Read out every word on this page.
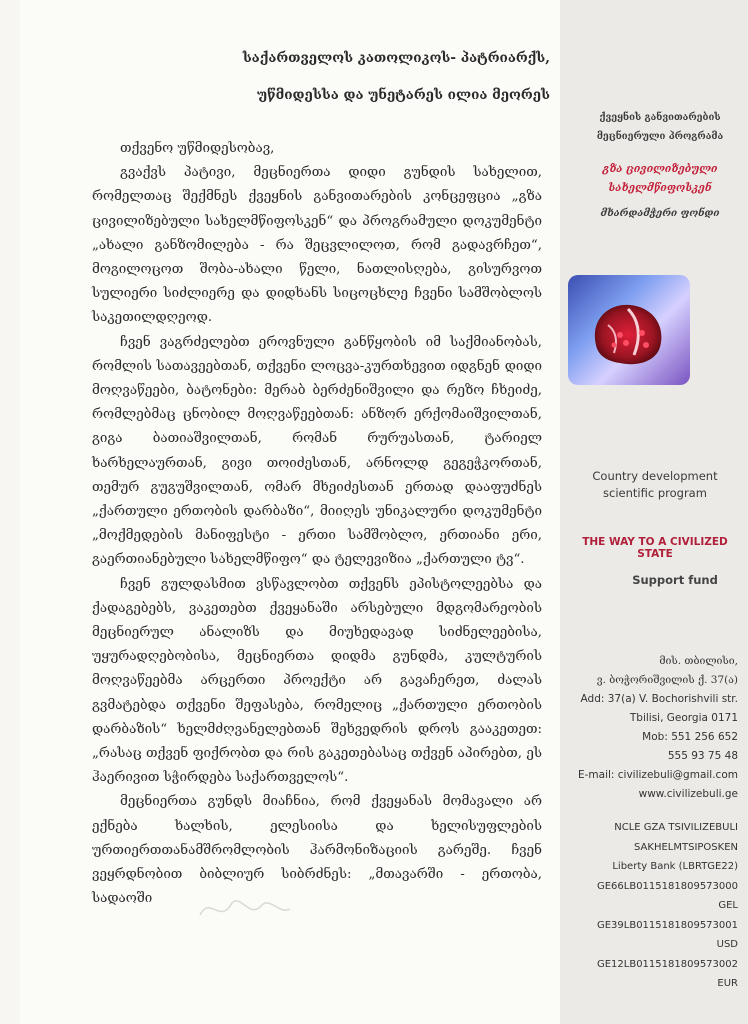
საქართველოს კათოლიკოს- პატრიარქს,
უწმიდესსა და უნეტარეს ილია მეორეს

თქვენო უწმიდესობავ,

გვაქვს პატივი, მეცნიერთა დიდი გუნდის სახელით, რომელთაც შექმნეს ქვეყნის განვითარების კონცეფცია „გზა ცივილიზებული სახელმწიფოსკენ“ და პროგრამული დოკუმენტი „ახალი განზომილება - რა შეცვლილოთ, რომ გადავრჩეთ“, მოგილოცოთ შობა-ახალი წელი, ნათლისღება, გისურვოთ სულიერი სიძლიერე და დიდხანს სიცოცხლე ჩვენი სამშობლოს საკეთილდღეოდ.

ჩვენ ვაგრძელებთ ეროვნული განწყობის იმ საქმიანობას, რომლის სათავეებთან, თქვენი ლოცვა-კურთხევით იდგნენ დიდი მოღვაწეები, ბატონები: მერაბ ბერძენიშვილი და რეზო ჩხეიძე, რომლებმაც ცნობილ მოღვაწეებთან: ანზორ ერქომაიშვილთან, გიგა ბათიაშვილთან, რომან რურუასთან, ტარიელ ხარხელაურთან, გივი თოიძესთან, არნოლდ გეგეჭკორთან, თემურ გუგუშვილთან, ომარ მხეიძესთან ერთად დააფუძნეს „ქართული ერთობის დარბაზი“, მიიღეს უნიკალური დოკუმენტი „მოქმედების მანიფესტი - ერთი სამშობლო, ერთიანი ერი, გაერთიანებული სახელმწიფო“ და ტელევიზია „ქართული ტვ“.

ჩვენ გულდასმით ვსწავლობთ თქვენს ეპისტოლეებსა და ქადაგებებს, ვაკეთებთ ქვეყანაში არსებული მდგომარეობის მეცნიერულ ანალიზს და მიუხედავად სიძნელეებისა, უყურადღებობისა, მეცნიერთა დიდმა გუნდმა, კულტურის მოღვაწეებმა არცერთი პროექტი არ გავაჩერეთ, ძალას გვმატებდა თქვენი შეფასება, რომელიც „ქართული ერთობის დარბაზის“ ხელმძღვანელებთან შეხვედრის დროს გააკეთეთ: „რასაც თქვენ ფიქრობთ და რის გაკეთებასაც თქვენ აპირებთ, ეს ჰაერივით სჭირდება საქართველოს“.

მეცნიერთა გუნდს მიაჩნია, რომ ქვეყანას მომავალი არ ექნება ხალხის, ელესიისა და ხელისუფლების ურთიერთთანამშრომლობის ჰარმონიზაციის გარეშე. ჩვენ ვეყრდნობით ბიბლიურ სიბრძნეს: „მთავარში - ერთობა, სადაოში

ქვეყნის განვითარების
მეცნიერული პროგრამა
გზა ცივილიზებული
სახელმწიფოსკენ
მხარდამჭერი ფონდი
Country development
scientific program
THE WAY TO A CIVILIZED STATE
Support fund
მის. თბილისი,
ვ. ბოჭორიშვილის ქ. 37(ა)
Add: 37(a) V. Bochorishvili str.
Tbilisi, Georgia 0171
Mob: 551 256 652
555 93 75 48
E-mail: civilizebuli@gmail.com
www.civilizebuli.ge
NCLE GZA TSIVILIZEBULI
SAKHELMTSIPOSKEN
Liberty Bank (LBRTGE22)
GE66LB0115181809573000 GEL
GE39LB0115181809573001 USD
GE12LB0115181809573002 EUR
